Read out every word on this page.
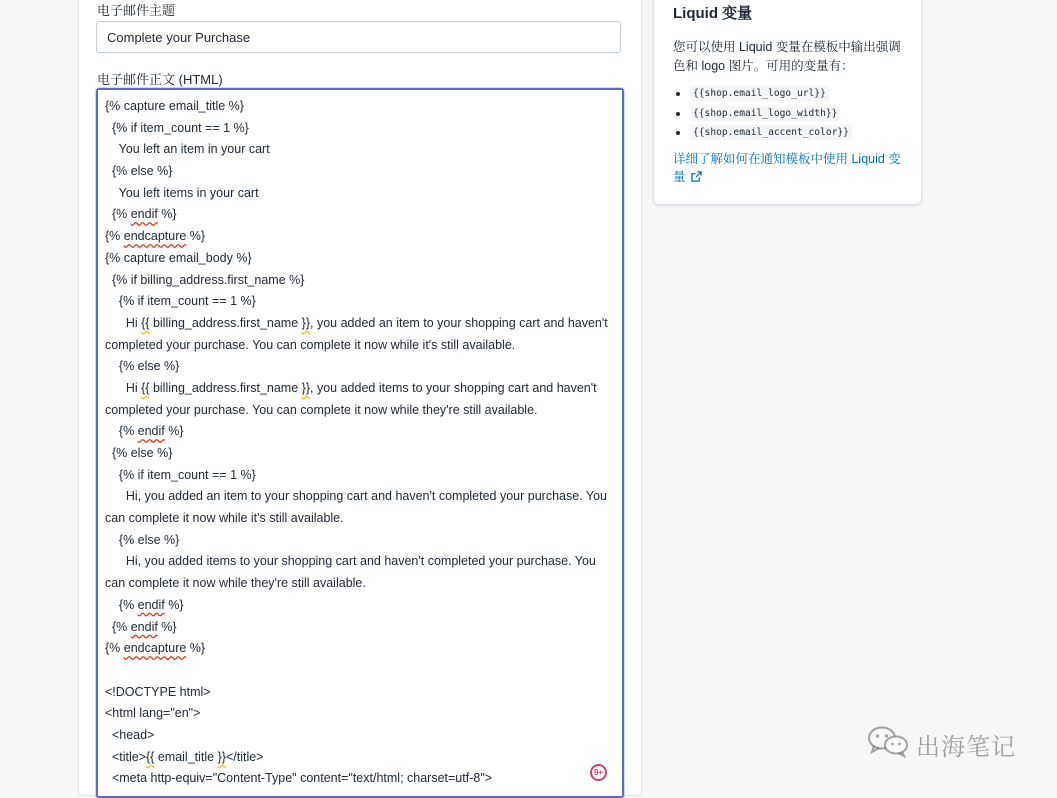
电子邮件主题
Complete your Purchase
电子邮件正文 (HTML)
{% capture email_title %}
{% if item_count == 1 %}
You left an item in your cart
{% else %}
You left items in your cart
{% endif %}
{% endcapture %}
{% capture email_body %}
{% if billing_address.first_name %}
{% if item_count == 1 %}
Hi {{ billing_address.first_name }}, you added an item to your shopping cart and haven't
completed your purchase. You can complete it now while it's still available.
{% else %}
Hi {{ billing_address.first_name }}, you added items to your shopping cart and haven't
completed your purchase. You can complete it now while they're still available.
{% endif %}
{% else %}
{% if item_count == 1 %}
Hi, you added an item to your shopping cart and haven't completed your purchase. You
can complete it now while it's still available.
{% else %}
Hi, you added items to your shopping cart and haven't completed your purchase. You
can complete it now while they're still available.
{% endif %}
{% endif %}
{% endcapture %}
<!DOCTYPE html>
<html lang="en">
<head>
<title>{{ email_title }}</title>
<meta http-equiv="Content-Type" content="text/html; charset=utf-8">	9+
Liquid 变量
您可以使用 Liquid 变量在模板中输出强调色和 logo 图片。可用的变量有：
{{shop.email_logo_url}}
{{shop.email_logo_width}}
{{shop.email_accent_color}}
详细了解如何在通知模板中使用 Liquid 变量
出海笔记
